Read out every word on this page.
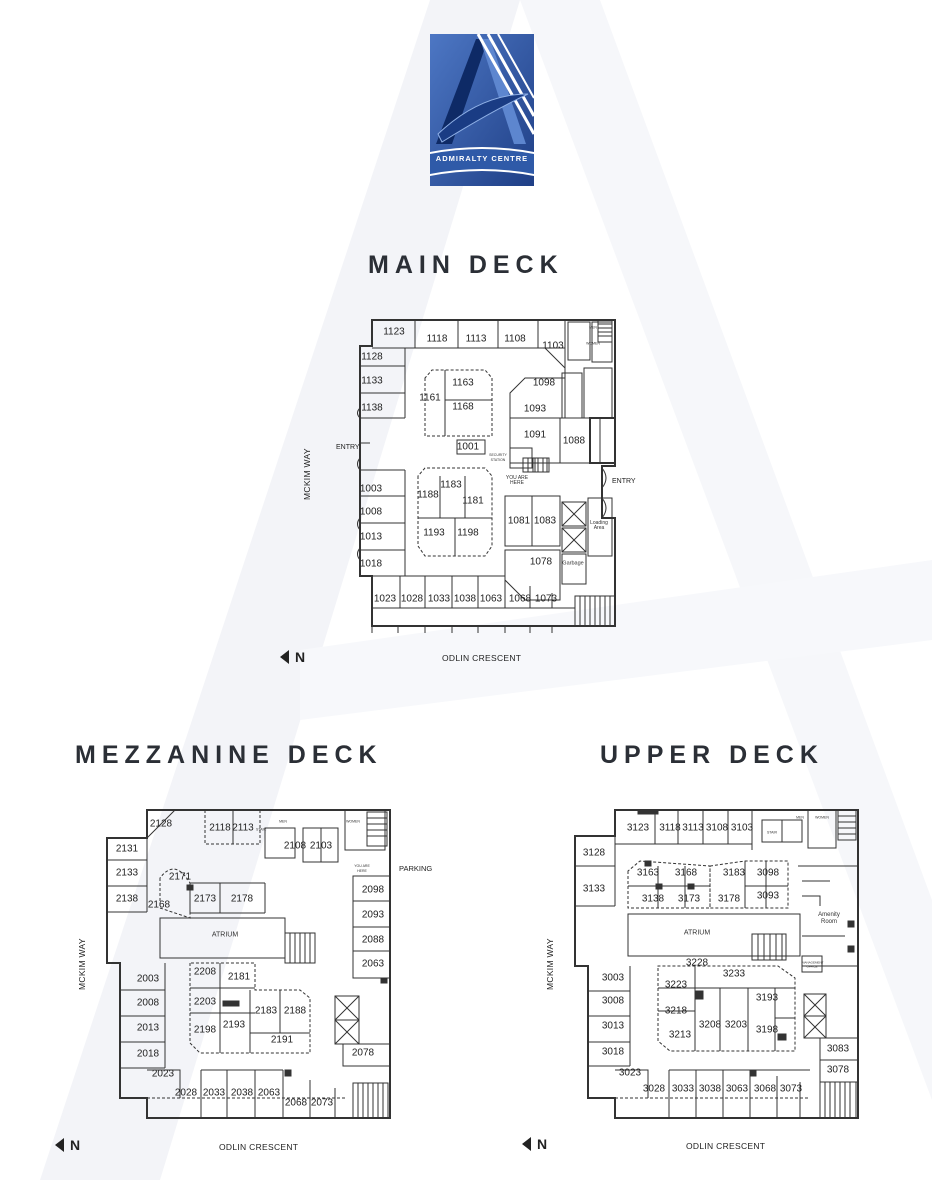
ADMIRALTY CENTRE
MAIN DECK
1123
1118 1113 1108
1103
1128
1133
1138
1098
1093
1163
1161
1168
1091
1088
1001
1003
1008
1013
1018
1183
1188
1181
1193 1198
1081 1083
1078
1023 1028 1033 1038 1063 1068 1073
ENTRY
ENTRY
Loading Area
Garbage
YOU ARE HERE
SECURITY STATION
MEN
WOMEN
MCKIM WAY
ODLIN CRESCENT
N
MEZZANINE DECK
2128	2118 2113
2108 2103
2131
2133
2138
2171
2168
2173 2178
2098
2093
2088
2063
2003
2008
2013
2018
2208 2181
2203
2198 2193
2183 2188
2191
2078
2023
2028 2033 2038 2063
2068 2073
ATRIUM
PARKING
YOU ARE HERE
MEN	WOMEN
STAIR
MCKIM WAY
ODLIN CRESCENT
N
UPPER DECK
3123 3118 3113 3108 3103
3128
3133
3163 3168	3183 3098
3138 3173 3178 3093
3228
3233
3003
3008
3013
3018
3223
3218
3213
3208 3203
3193
3198
3083
3078
3023
3028 3033 3038 3063 3068 3073
ATRIUM
Amenity Room
MANAGEMENT OFFICE
MEN	WOMEN
STAIR
MCKIM WAY
ODLIN CRESCENT
N
